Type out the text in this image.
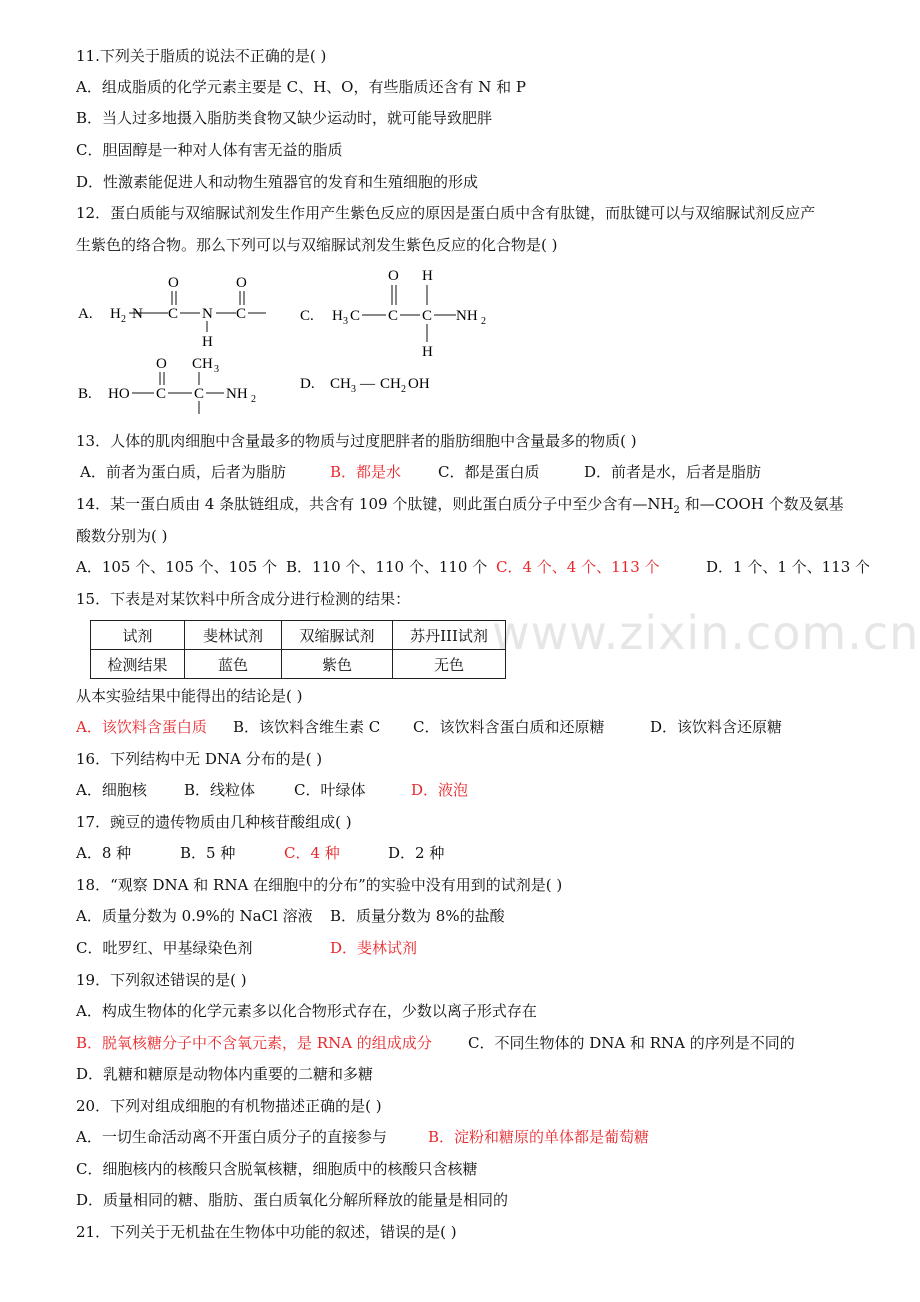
www.zixin.com.cn
11.下列关于脂质的说法不正确的是( )
A．组成脂质的化学元素主要是 C、H、O，有些脂质还含有 N 和 P
B．当人过多地摄入脂肪类食物又缺少运动时，就可能导致肥胖
C．胆固醇是一种对人体有害无益的脂质
D．性激素能促进人和动物生殖器官的发育和生殖细胞的形成
12．蛋白质能与双缩脲试剂发生作用产生紫色反应的原因是蛋白质中含有肽键，而肽键可以与双缩脲试剂反应产
生紫色的络合物。那么下列可以与双缩脲试剂发生紫色反应的化合物是( )
A. H 2 N C
O
N
H
C
O
C. H 3 C C
O
C
H
H
NH 2
B. HO C
O
C
CH 3
NH 2
D. CH 3 — CH 2 OH
13．人体的肌肉细胞中含量最多的物质与过度肥胖者的脂肪细胞中含量最多的物质( )
A．前者为蛋白质，后者为脂肪	B．都是水 C．都是蛋白质	D．前者是水，后者是脂肪
14．某一蛋白质由 4 条肽链组成，共含有 109 个肽键，则此蛋白质分子中至少含有$—NH_2$ 和—COOH 个数及氨基
酸数分别为( )
A．105 个、105 个、105 个 B．110 个、110 个、110 个 C．4 个、4 个、113 个	D．1 个、1 个、113 个
15．下表是对某饮料中所含成分进行检测的结果：
试剂	斐林试剂	双缩脲试剂	苏丹III试剂
检测结果	蓝色	紫色	无色
从本实验结果中能得出的结论是( )
A．该饮料含蛋白质 B．该饮料含维生素 C C．该饮料含蛋白质和还原糖	D．该饮料含还原糖
16．下列结构中无 DNA 分布的是( )
A．细胞核 B．线粒体	C．叶绿体	D．液泡
17．豌豆的遗传物质由几种核苷酸组成( )
A．8 种	B．5 种	C．4 种	D．2 种
18．“观察 DNA 和 RNA 在细胞中的分布”的实验中没有用到的试剂是( )
A．质量分数为 0.9%的 NaCl 溶液 B．质量分数为 8%的盐酸
C．吡罗红、甲基绿染色剂	D．斐林试剂
19．下列叙述错误的是( )
A．构成生物体的化学元素多以化合物形式存在，少数以离子形式存在
B．脱氧核糖分子中不含氧元素，是 RNA 的组成成分 C．不同生物体的 DNA 和 RNA 的序列是不同的
D．乳糖和糖原是动物体内重要的二糖和多糖
20．下列对组成细胞的有机物描述正确的是( )
A．一切生命活动离不开蛋白质分子的直接参与	B．淀粉和糖原的单体都是葡萄糖
C．细胞核内的核酸只含脱氧核糖，细胞质中的核酸只含核糖
D．质量相同的糖、脂肪、蛋白质氧化分解所释放的能量是相同的
21．下列关于无机盐在生物体中功能的叙述，错误的是( )
